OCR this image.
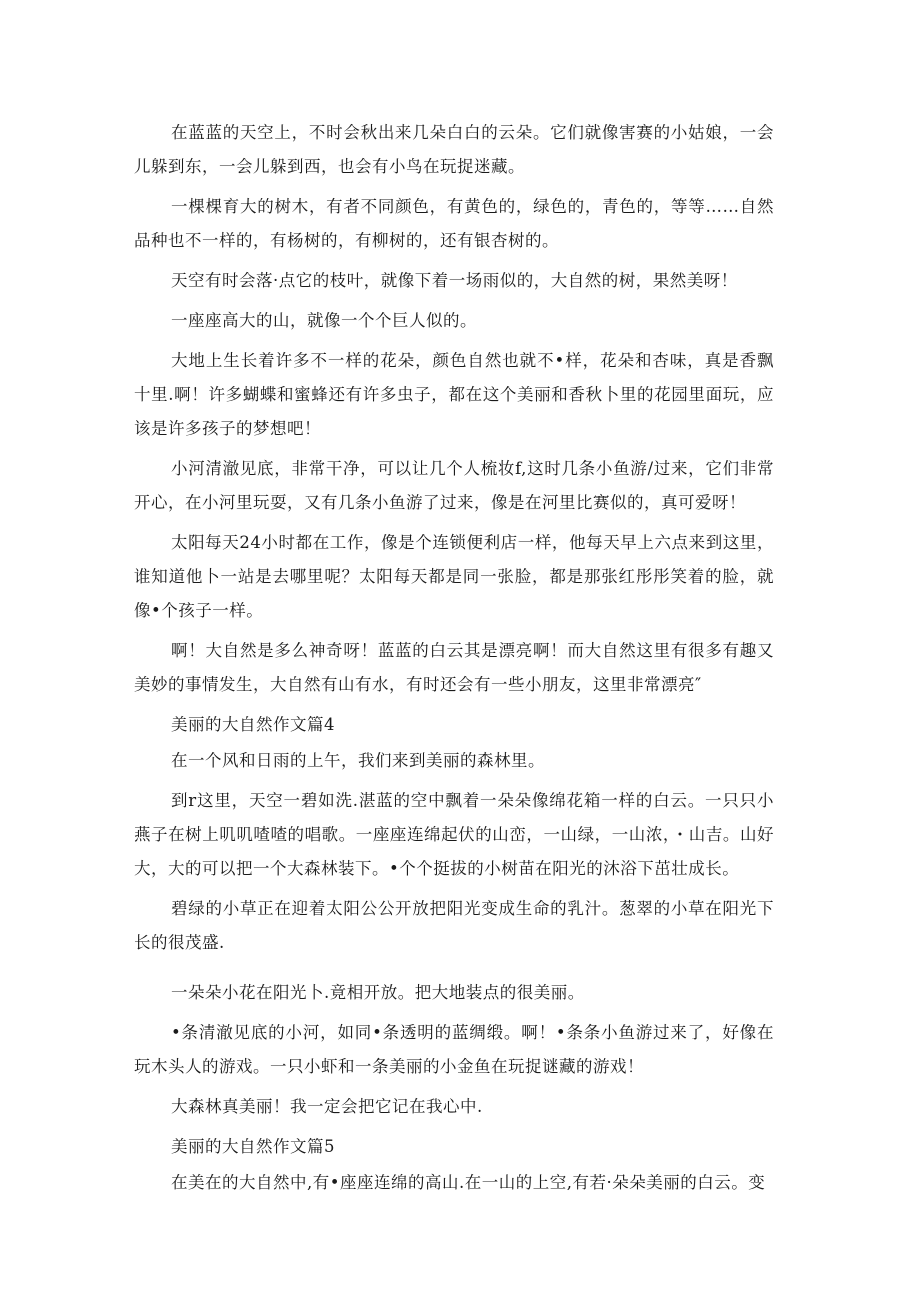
在蓝蓝的天空上，不时会秋出来几朵白白的云朵。它们就像害赛的小姑娘，一会儿躲到东，一会儿躲到西，也会有小鸟在玩捉迷藏。

一棵棵育大的树木，有者不同颜色，有黄色的，绿色的，青色的，等等……自然品种也不一样的，有杨树的，有柳树的，还有银杏树的。

天空有时会落·点它的枝叶，就像下着一场雨似的，大自然的树，果然美呀！

一座座高大的山，就像一个个巨人似的。

大地上生长着许多不一样的花朵，颜色自然也就不•样，花朵和杏味，真是香飘十里.啊！许多蝴蝶和蜜蜂还有许多虫子，都在这个美丽和香秋卜里的花园里面玩，应该是许多孩子的梦想吧！

小河清澈见底，非常干净，可以让几个人梳妆f,这时几条小鱼游/过来，它们非常开心，在小河里玩耍，又有几条小鱼游了过来，像是在河里比赛似的，真可爱呀！

太阳每天24小时都在工作，像是个连锁便利店一样，他每天早上六点来到这里，谁知道他卜一站是去哪里呢？太阳每天都是同一张脸，都是那张红彤彤笑着的脸，就像•个孩子一样。

啊！大自然是多么神奇呀！蓝蓝的白云其是漂亮啊！而大自然这里有很多有趣又美妙的事情发生，大自然有山有水，有时还会有一些小朋友，这里非常漂亮″

美丽的大自然作文篇4

在一个风和日雨的上午，我们来到美丽的森林里。

到r这里，天空一碧如洗.湛蓝的空中飘着一朵朵像绵花箱一样的白云。一只只小燕子在树上叽叽喳喳的唱歌。一座座连绵起伏的山峦，一山绿，一山浓，・山吉。山好大，大的可以把一个大森林装下。•个个挺拔的小树苗在阳光的沐浴下茁壮成长。

碧绿的小草正在迎着太阳公公开放把阳光变成生命的乳汁。葱翠的小草在阳光下长的很茂盛.

一朵朵小花在阳光卜.竟相开放。把大地装点的很美丽。

•条清澈见底的小河，如同•条透明的蓝绸缎。啊！•条条小鱼游过来了，好像在玩木头人的游戏。一只小虾和一条美丽的小金鱼在玩捉谜藏的游戏！

大森林真美丽！我一定会把它记在我心中.

美丽的大自然作文篇5

在美在的大自然中,有•座座连绵的高山.在一山的上空,有若·朵朵美丽的白云。变
